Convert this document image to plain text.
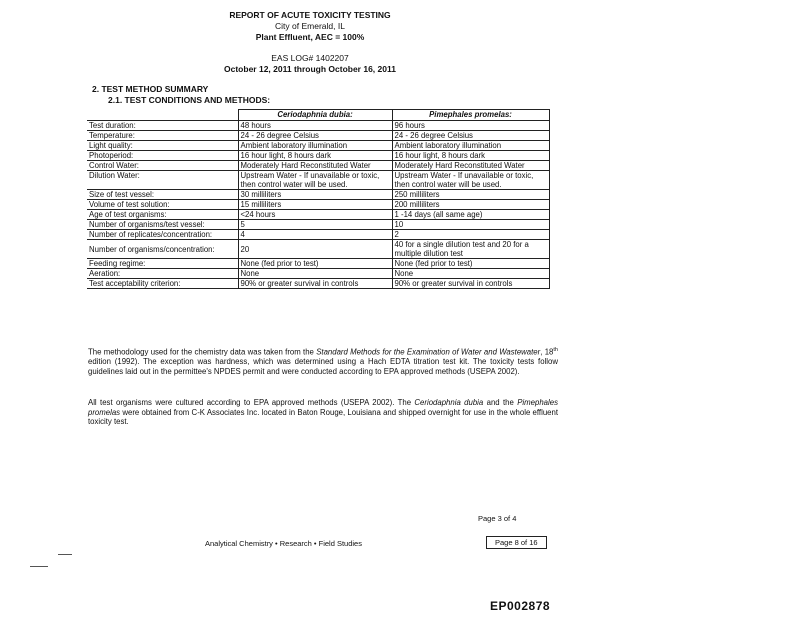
REPORT OF ACUTE TOXICITY TESTING
City of Emerald, IL
Plant Effluent, AEC = 100%
EAS LOG# 1402207
October 12, 2011 through October 16, 2011
2. TEST METHOD SUMMARY
2.1. TEST CONDITIONS AND METHODS:
	Ceriodaphnia dubia:	Pimephales promelas:
Test duration:	48 hours	96 hours
Temperature:	24 - 26 degree Celsius	24 - 26 degree Celsius
Light quality:	Ambient laboratory illumination	Ambient laboratory illumination
Photoperiod:	16 hour light, 8 hours dark	16 hour light, 8 hours dark
Control Water:	Moderately Hard Reconstituted Water	Moderately Hard Reconstituted Water
Dilution Water:	Upstream Water - If unavailable or toxic, then control water will be used.	Upstream Water - If unavailable or toxic, then control water will be used.
Size of test vessel:	30 milliliters	250 milliliters
Volume of test solution:	15 milliliters	200 milliliters
Age of test organisms:	<24 hours	1 -14 days (all same age)
Number of organisms/test vessel:	5	10
Number of replicates/concentration:	4	2
Number of organisms/concentration:	20	40 for a single dilution test and 20 for a multiple dilution test
Feeding regime:	None (fed prior to test)	None (fed prior to test)
Aeration:	None	None
Test acceptability criterion:	90% or greater survival in controls	90% or greater survival in controls
The methodology used for the chemistry data was taken from the Standard Methods for the Examination of Water and Wastewater, 18th edition (1992). The exception was hardness, which was determined using a Hach EDTA titration test kit. The toxicity tests follow guidelines laid out in the permittee's NPDES permit and were conducted according to EPA approved methods (USEPA 2002).
All test organisms were cultured according to EPA approved methods (USEPA 2002). The Ceriodaphnia dubia and the Pimephales promelas were obtained from C-K Associates Inc. located in Baton Rouge, Louisiana and shipped overnight for use in the whole effluent toxicity test.
Page 3 of 4
Analytical Chemistry • Research • Field Studies	Page 8 of 16
EP002878
